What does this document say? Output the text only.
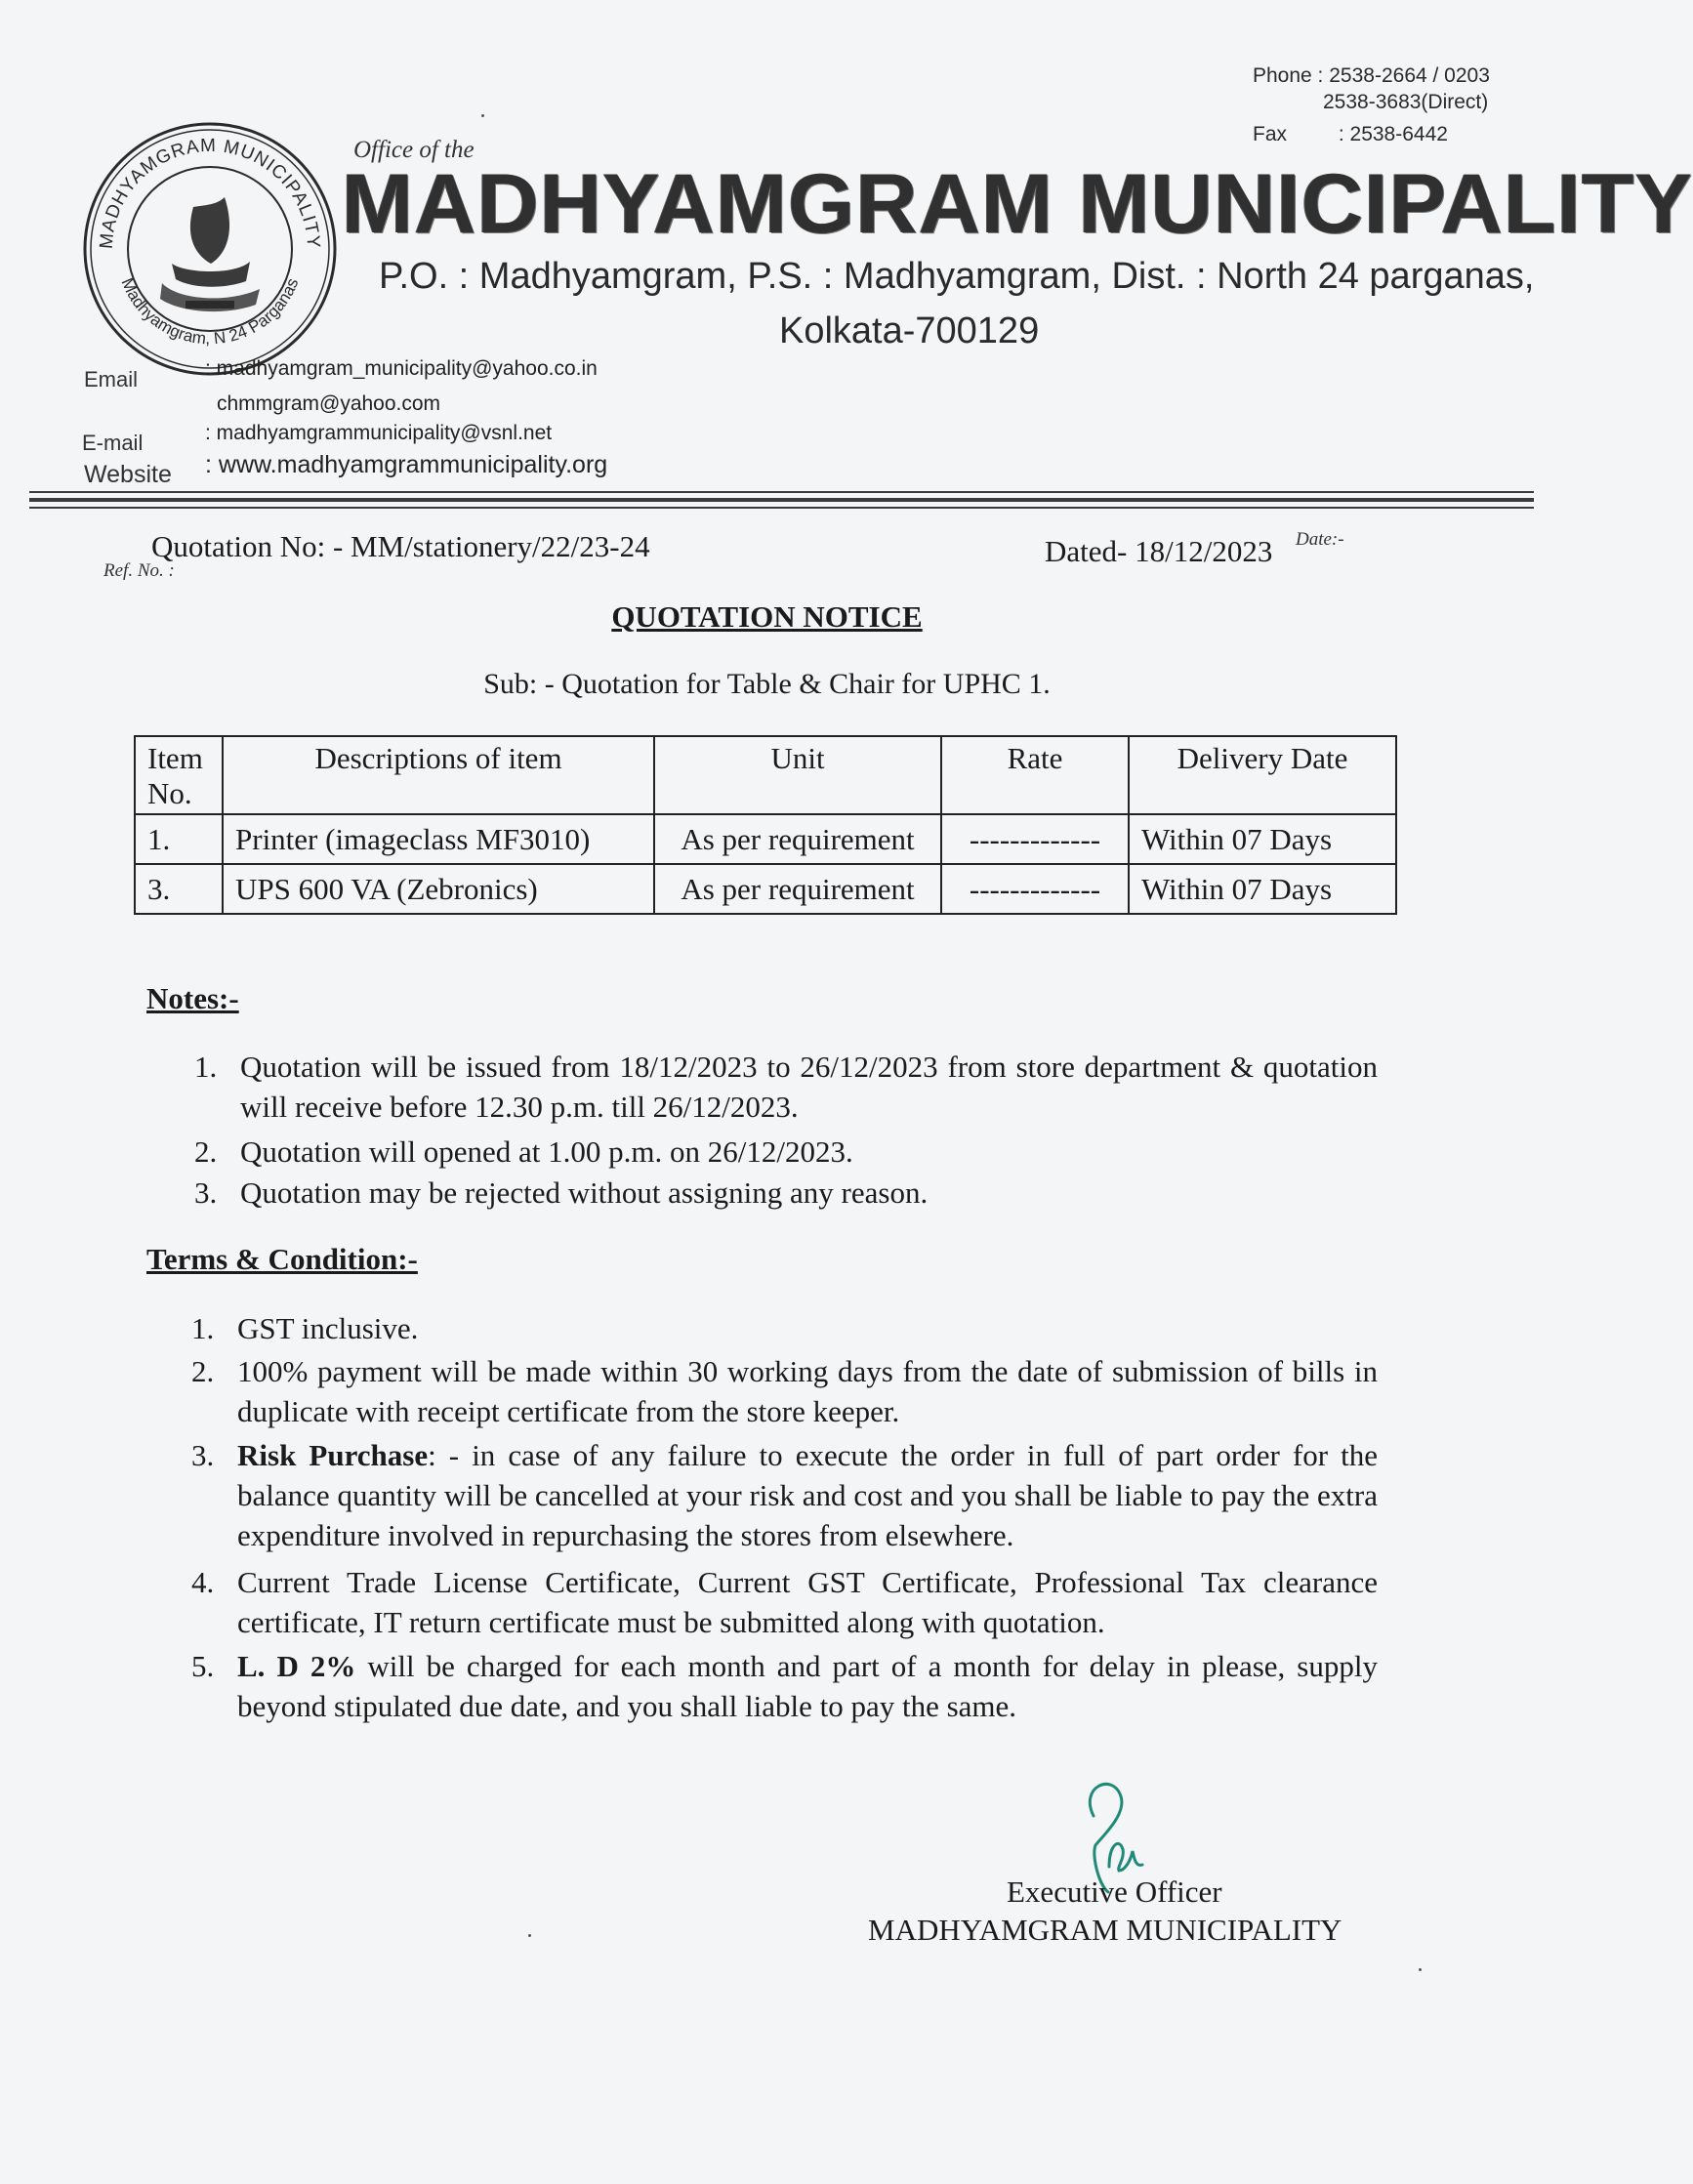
MADHYAMGRAM MUNICIPALITY
Madhyamgram, N 24 Parganas
Office of the
MADHYAMGRAM MUNICIPALITY
P.O. : Madhyamgram, P.S. : Madhyamgram, Dist. : North 24 parganas,
Kolkata-700129
Phone : 2538-2664 / 0203
2538-3683(Direct)
Fax	: 2538-6442
Email	: madhyamgram_municipality@yahoo.co.in
chmmgram@yahoo.com
E-mail	: madhyamgrammunicipality@vsnl.net
Website : www.madhyamgrammunicipality.org
Quotation No: - MM/stationery/22/23-24
Ref. No. :
Dated- 18/12/2023 Date:-
QUOTATION NOTICE
Sub: - Quotation for Table & Chair for UPHC 1.
Item
No.	Descriptions of item	Unit	Rate	Delivery Date
1.	Printer (imageclass MF3010)	As per requirement	-------------	Within 07 Days
3.	UPS 600 VA (Zebronics)	As per requirement	-------------	Within 07 Days
Notes:-
1. Quotation will be issued from 18/12/2023 to 26/12/2023 from store department & quotation will receive before 12.30 p.m. till 26/12/2023.
2. Quotation will opened at 1.00 p.m. on 26/12/2023.
3. Quotation may be rejected without assigning any reason.
Terms & Condition:-
1. GST inclusive.
2. 100% payment will be made within 30 working days from the date of submission of bills in duplicate with receipt certificate from the store keeper.
3. Risk Purchase: - in case of any failure to execute the order in full of part order for the balance quantity will be cancelled at your risk and cost and you shall be liable to pay the extra expenditure involved in repurchasing the stores from elsewhere.
4. Current Trade License Certificate, Current GST Certificate, Professional Tax clearance certificate, IT return certificate must be submitted along with quotation.
5. L. D 2% will be charged for each month and part of a month for delay in please, supply beyond stipulated due date, and you shall liable to pay the same.
Executive Officer
MADHYAMGRAM MUNICIPALITY
